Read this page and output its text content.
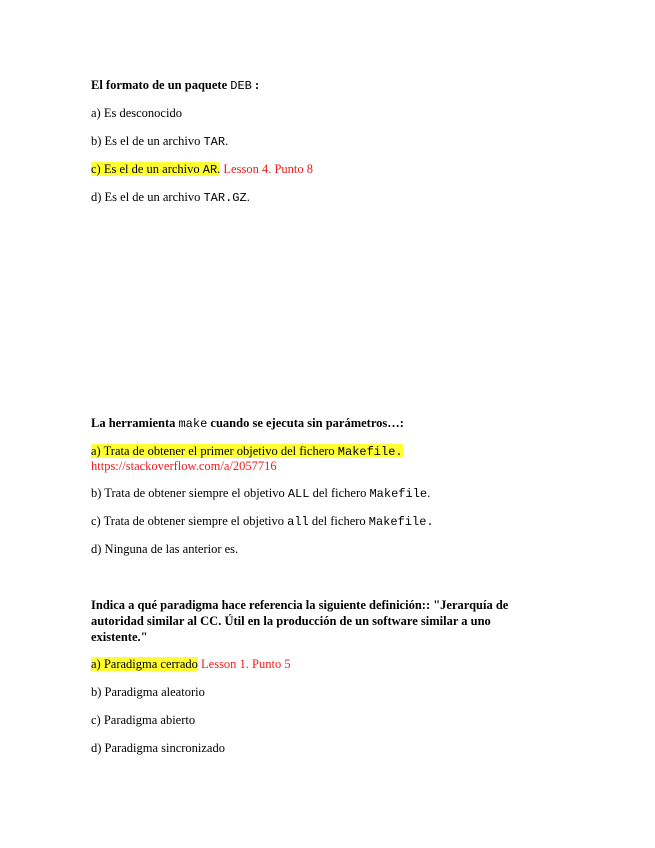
El formato de un paquete DEB :
a) Es desconocido
b) Es el de un archivo TAR.
c) Es el de un archivo AR. Lesson 4. Punto 8
d) Es el de un archivo TAR.GZ.
La herramienta make cuando se ejecuta sin parámetros…:
a) Trata de obtener el primer objetivo del fichero Makefile.
https://stackoverflow.com/a/2057716
b) Trata de obtener siempre el objetivo ALL del fichero Makefile.
c) Trata de obtener siempre el objetivo all del fichero Makefile.
d) Ninguna de las anterior es.
Indica a qué paradigma hace referencia la siguiente definición:: "Jerarquía de autoridad similar al CC. Útil en la producción de un software similar a uno existente."
a) Paradigma cerrado Lesson 1. Punto 5
b) Paradigma aleatorio
c) Paradigma abierto
d) Paradigma sincronizado
